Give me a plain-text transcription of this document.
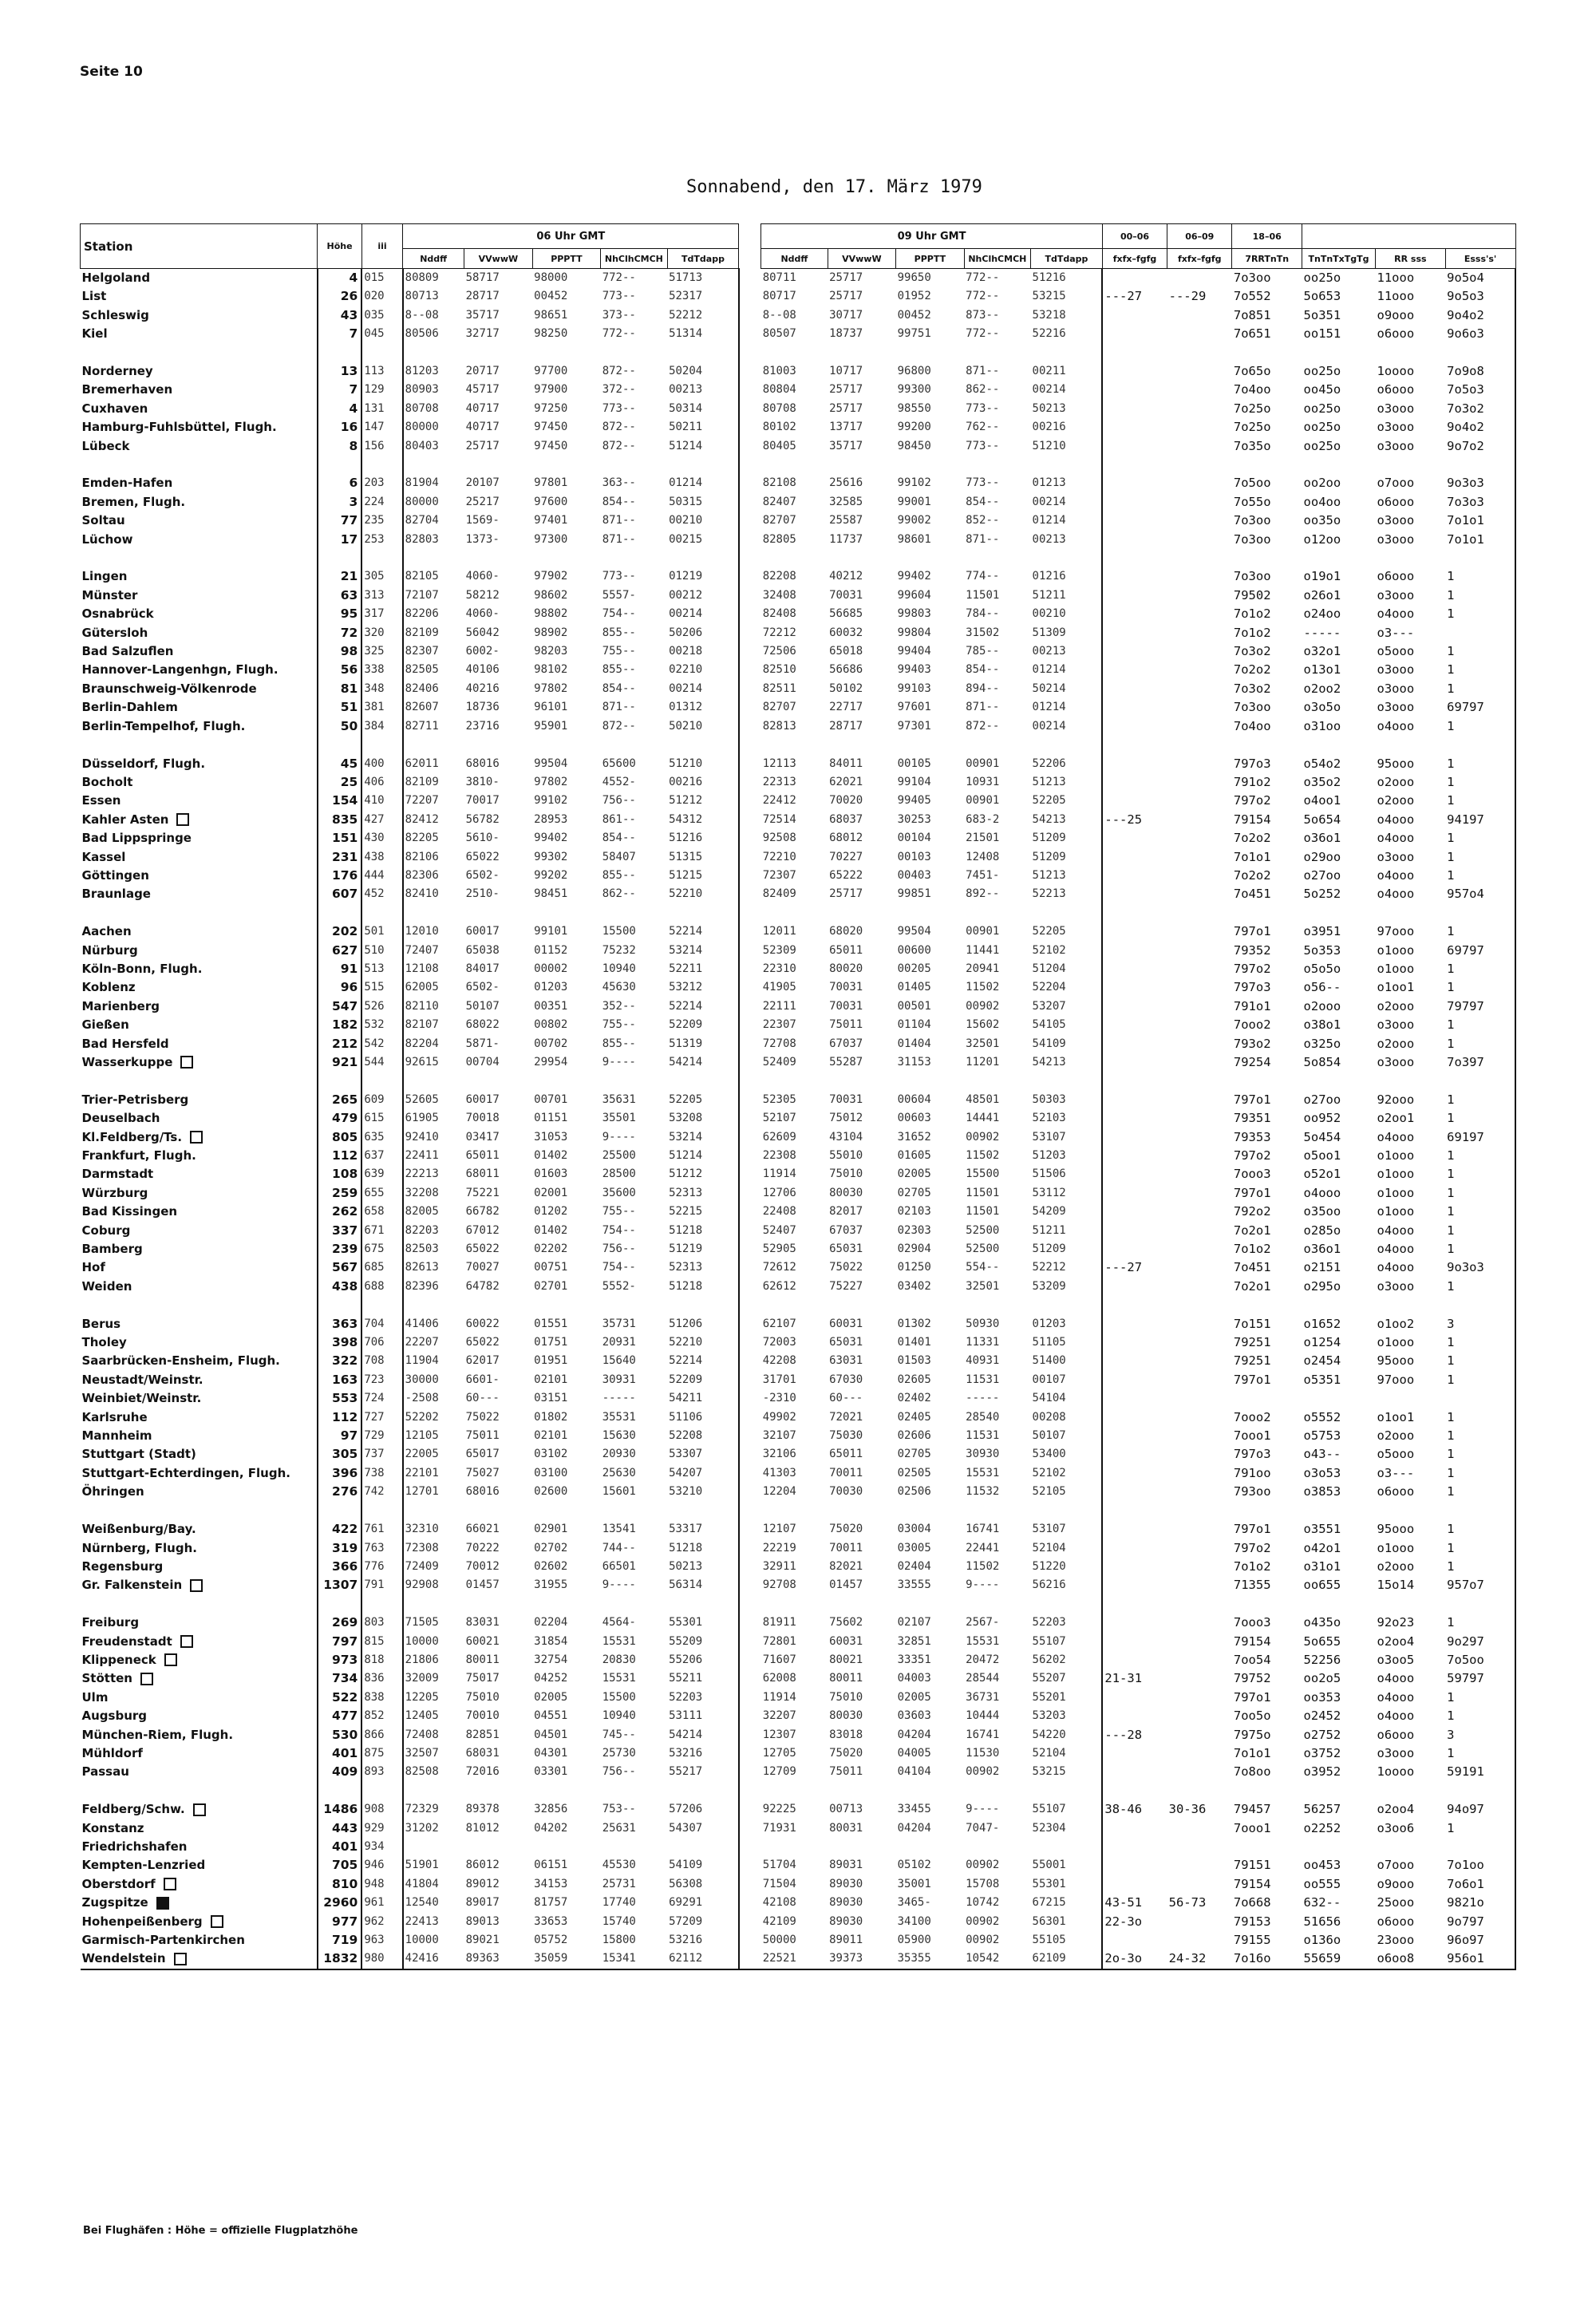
Seite 10
Sonnabend, den 17. März 1979
Station	Höhe	iii	06 Uhr GMT						09 Uhr GMT					00–06	06–09	18–06			
			Nddff	VVwwW	PPPTT	NhClhCMCH	TdTdapp		Nddff	VVwwW	PPPTT	NhClhCMCH	TdTdapp	fxfx–fgfg	fxfx–fgfg	7RRTnTn	TnTnTxTgTg	RR sss	Esss's'
Helgoland	4	015	80809	58717	98000	772--	51713		80711	25717	99650	772--	51216			7o3oo	oo25o	11ooo	9o5o4
List	26	020	80713	28717	00452	773--	52317		80717	25717	01952	772--	53215	---27	---29	7o552	5o653	11ooo	9o5o3
Schleswig	43	035	8--08	35717	98651	373--	52212		8--08	30717	00452	873--	53218			7o851	5o351	o9ooo	9o4o2
Kiel	7	045	80506	32717	98250	772--	51314		80507	18737	99751	772--	52216			7o651	oo151	o6ooo	9o6o3

Norderney	13	113	81203	20717	97700	872--	50204		81003	10717	96800	871--	00211			7o65o	oo25o	1oooo	7o9o8
Bremerhaven	7	129	80903	45717	97900	372--	00213		80804	25717	99300	862--	00214			7o4oo	oo45o	o6ooo	7o5o3
Cuxhaven	4	131	80708	40717	97250	773--	50314		80708	25717	98550	773--	50213			7o25o	oo25o	o3ooo	7o3o2
Hamburg-Fuhlsbüttel, Flugh.	16	147	80000	40717	97450	872--	50211		80102	13717	99200	762--	00216			7o25o	oo25o	o3ooo	9o4o2
Lübeck	8	156	80403	25717	97450	872--	51214		80405	35717	98450	773--	51210			7o35o	oo25o	o3ooo	9o7o2

Emden-Hafen	6	203	81904	20107	97801	363--	01214		82108	25616	99102	773--	01213			7o5oo	oo2oo	o7ooo	9o3o3
Bremen, Flugh.	3	224	80000	25217	97600	854--	50315		82407	32585	99001	854--	00214			7o55o	oo4oo	o6ooo	7o3o3
Soltau	77	235	82704	1569-	97401	871--	00210		82707	25587	99002	852--	01214			7o3oo	oo35o	o3ooo	7o1o1
Lüchow	17	253	82803	1373-	97300	871--	00215		82805	11737	98601	871--	00213			7o3oo	o12oo	o3ooo	7o1o1

Lingen	21	305	82105	4060-	97902	773--	01219		82208	40212	99402	774--	01216			7o3oo	o19o1	o6ooo	1
Münster	63	313	72107	58212	98602	5557-	00212		32408	70031	99604	11501	51211			79502	o26o1	o3ooo	1
Osnabrück	95	317	82206	4060-	98802	754--	00214		82408	56685	99803	784--	00210			7o1o2	o24oo	o4ooo	1
Gütersloh	72	320	82109	56042	98902	855--	50206		72212	60032	99804	31502	51309			7o1o2	-----	o3---	
Bad Salzuflen	98	325	82307	6002-	98203	755--	00218		72506	65018	99404	785--	00213			7o3o2	o32o1	o5ooo	1
Hannover-Langenhgn, Flugh.	56	338	82505	40106	98102	855--	02210		82510	56686	99403	854--	01214			7o2o2	o13o1	o3ooo	1
Braunschweig-Völkenrode	81	348	82406	40216	97802	854--	00214		82511	50102	99103	894--	50214			7o3o2	o2oo2	o3ooo	1
Berlin-Dahlem	51	381	82607	18736	96101	871--	01312		82707	22717	97601	871--	01214			7o3oo	o3o5o	o3ooo	69797
Berlin-Tempelhof, Flugh.	50	384	82711	23716	95901	872--	50210		82813	28717	97301	872--	00214			7o4oo	o31oo	o4ooo	1

Düsseldorf, Flugh.	45	400	62011	68016	99504	65600	51210		12113	84011	00105	00901	52206			797o3	o54o2	95ooo	1
Bocholt	25	406	82109	3810-	97802	4552-	00216		22313	62021	99104	10931	51213			791o2	o35o2	o2ooo	1
Essen	154	410	72207	70017	99102	756--	51212		22412	70020	99405	00901	52205			797o2	o4oo1	o2ooo	1
Kahler Asten	835	427	82412	56782	28953	861--	54312		72514	68037	30253	683-2	54213	---25		79154	5o654	o4ooo	94197
Bad Lippspringe	151	430	82205	5610-	99402	854--	51216		92508	68012	00104	21501	51209			7o2o2	o36o1	o4ooo	1
Kassel	231	438	82106	65022	99302	58407	51315		72210	70227	00103	12408	51209			7o1o1	o29oo	o3ooo	1
Göttingen	176	444	82306	6502-	99202	855--	51215		72307	65222	00403	7451-	51213			7o2o2	o27oo	o4ooo	1
Braunlage	607	452	82410	2510-	98451	862--	52210		82409	25717	99851	892--	52213			7o451	5o252	o4ooo	957o4

Aachen	202	501	12010	60017	99101	15500	52214		12011	68020	99504	00901	52205			797o1	o3951	97ooo	1
Nürburg	627	510	72407	65038	01152	75232	53214		52309	65011	00600	11441	52102			79352	5o353	o1ooo	69797
Köln-Bonn, Flugh.	91	513	12108	84017	00002	10940	52211		22310	80020	00205	20941	51204			797o2	o5o5o	o1ooo	1
Koblenz	96	515	62005	6502-	01203	45630	53212		41905	70031	01405	11502	52204			797o3	o56--	o1oo1	1
Marienberg	547	526	82110	50107	00351	352--	52214		22111	70031	00501	00902	53207			791o1	o2ooo	o2ooo	79797
Gießen	182	532	82107	68022	00802	755--	52209		22307	75011	01104	15602	54105			7ooo2	o38o1	o3ooo	1
Bad Hersfeld	212	542	82204	5871-	00702	855--	51319		72708	67037	01404	32501	54109			793o2	o325o	o2ooo	1
Wasserkuppe	921	544	92615	00704	29954	9----	54214		52409	55287	31153	11201	54213			79254	5o854	o3ooo	7o397

Trier-Petrisberg	265	609	52605	60017	00701	35631	52205		52305	70031	00604	48501	50303			797o1	o27oo	92ooo	1
Deuselbach	479	615	61905	70018	01151	35501	53208		52107	75012	00603	14441	52103			79351	oo952	o2oo1	1
Kl.Feldberg/Ts.	805	635	92410	03417	31053	9----	53214		62609	43104	31652	00902	53107			79353	5o454	o4ooo	69197
Frankfurt, Flugh.	112	637	22411	65011	01402	25500	51214		22308	55010	01605	11502	51203			797o2	o5oo1	o1ooo	1
Darmstadt	108	639	22213	68011	01603	28500	51212		11914	75010	02005	15500	51506			7ooo3	o52o1	o1ooo	1
Würzburg	259	655	32208	75221	02001	35600	52313		12706	80030	02705	11501	53112			797o1	o4ooo	o1ooo	1
Bad Kissingen	262	658	82005	66782	01202	755--	52215		22408	82017	02103	11501	54209			792o2	o35oo	o1ooo	1
Coburg	337	671	82203	67012	01402	754--	51218		52407	67037	02303	52500	51211			7o2o1	o285o	o4ooo	1
Bamberg	239	675	82503	65022	02202	756--	51219		52905	65031	02904	52500	51209			7o1o2	o36o1	o4ooo	1
Hof	567	685	82613	70027	00751	754--	52313		72612	75022	01250	554--	52212	---27		7o451	o2151	o4ooo	9o3o3
Weiden	438	688	82396	64782	02701	5552-	51218		62612	75227	03402	32501	53209			7o2o1	o295o	o3ooo	1

Berus	363	704	41406	60022	01551	35731	51206		62107	60031	01302	50930	01203			7o151	o1652	o1oo2	3
Tholey	398	706	22207	65022	01751	20931	52210		72003	65031	01401	11331	51105			79251	o1254	o1ooo	1
Saarbrücken-Ensheim, Flugh.	322	708	11904	62017	01951	15640	52214		42208	63031	01503	40931	51400			79251	o2454	95ooo	1
Neustadt/Weinstr.	163	723	30000	6601-	02101	30931	52209		31701	67030	02605	11531	00107			797o1	o5351	97ooo	1
Weinbiet/Weinstr.	553	724	-2508	60---	03151	-----	54211		-2310	60---	02402	-----	54104						
Karlsruhe	112	727	52202	75022	01802	35531	51106		49902	72021	02405	28540	00208			7ooo2	o5552	o1oo1	1
Mannheim	97	729	12105	75011	02101	15630	52208		32107	75030	02606	11531	50107			7ooo1	o5753	o2ooo	1
Stuttgart (Stadt)	305	737	22005	65017	03102	20930	53307		32106	65011	02705	30930	53400			797o3	o43--	o5ooo	1
Stuttgart-Echterdingen, Flugh.	396	738	22101	75027	03100	25630	54207		41303	70011	02505	15531	52102			791oo	o3o53	o3---	1
Öhringen	276	742	12701	68016	02600	15601	53210		12204	70030	02506	11532	52105			793oo	o3853	o6ooo	1

Weißenburg/Bay.	422	761	32310	66021	02901	13541	53317		12107	75020	03004	16741	53107			797o1	o3551	95ooo	1
Nürnberg, Flugh.	319	763	72308	70222	02702	744--	51218		22219	70011	03005	22441	52104			797o2	o42o1	o1ooo	1
Regensburg	366	776	72409	70012	02602	66501	50213		32911	82021	02404	11502	51220			7o1o2	o31o1	o2ooo	1
Gr. Falkenstein	1307	791	92908	01457	31955	9----	56314		92708	01457	33555	9----	56216			71355	oo655	15o14	957o7

Freiburg	269	803	71505	83031	02204	4564-	55301		81911	75602	02107	2567-	52203			7ooo3	o435o	92o23	1
Freudenstadt	797	815	10000	60021	31854	15531	55209		72801	60031	32851	15531	55107			79154	5o655	o2oo4	9o297
Klippeneck	973	818	21806	80011	32754	20830	55206		71607	80021	33351	20472	56202			7oo54	52256	o3oo5	7o5oo
Stötten	734	836	32009	75017	04252	15531	55211		62008	80011	04003	28544	55207	21-31		79752	oo2o5	o4ooo	59797
Ulm	522	838	12205	75010	02005	15500	52203		11914	75010	02005	36731	55201			797o1	oo353	o4ooo	1
Augsburg	477	852	12405	70010	04551	10940	53111		32207	80030	03603	10444	53203			7oo5o	o2452	o4ooo	1
München-Riem, Flugh.	530	866	72408	82851	04501	745--	54214		12307	83018	04204	16741	54220	---28		7975o	o2752	o6ooo	3
Mühldorf	401	875	32507	68031	04301	25730	53216		12705	75020	04005	11530	52104			7o1o1	o3752	o3ooo	1
Passau	409	893	82508	72016	03301	756--	55217		12709	75011	04104	00902	53215			7o8oo	o3952	1oooo	59191

Feldberg/Schw.	1486	908	72329	89378	32856	753--	57206		92225	00713	33455	9----	55107	38-46	30-36	79457	56257	o2oo4	94o97
Konstanz	443	929	31202	81012	04202	25631	54307		71931	80031	04204	7047-	52304			7ooo1	o2252	o3oo6	1
Friedrichshafen	401	934																	
Kempten-Lenzried	705	946	51901	86012	06151	45530	54109		51704	89031	05102	00902	55001			79151	oo453	o7ooo	7o1oo
Oberstdorf	810	948	41804	89012	34153	25731	56308		71504	89030	35001	15708	55301			79154	oo555	o9ooo	7o6o1
Zugspitze	2960	961	12540	89017	81757	17740	69291		42108	89030	3465-	10742	67215	43-51	56-73	7o668	632--	25ooo	9821o
Hohenpeißenberg	977	962	22413	89013	33653	15740	57209		42109	89030	34100	00902	56301	22-3o		79153	51656	o6ooo	9o797
Garmisch-Partenkirchen	719	963	10000	89021	05752	15800	53216		50000	89011	05900	00902	55105			79155	o136o	23ooo	96o97
Wendelstein	1832	980	42416	89363	35059	15341	62112		22521	39373	35355	10542	62109	2o-3o	24-32	7o16o	55659	o6oo8	956o1
Bei Flughäfen : Höhe = offizielle Flugplatzhöhe
